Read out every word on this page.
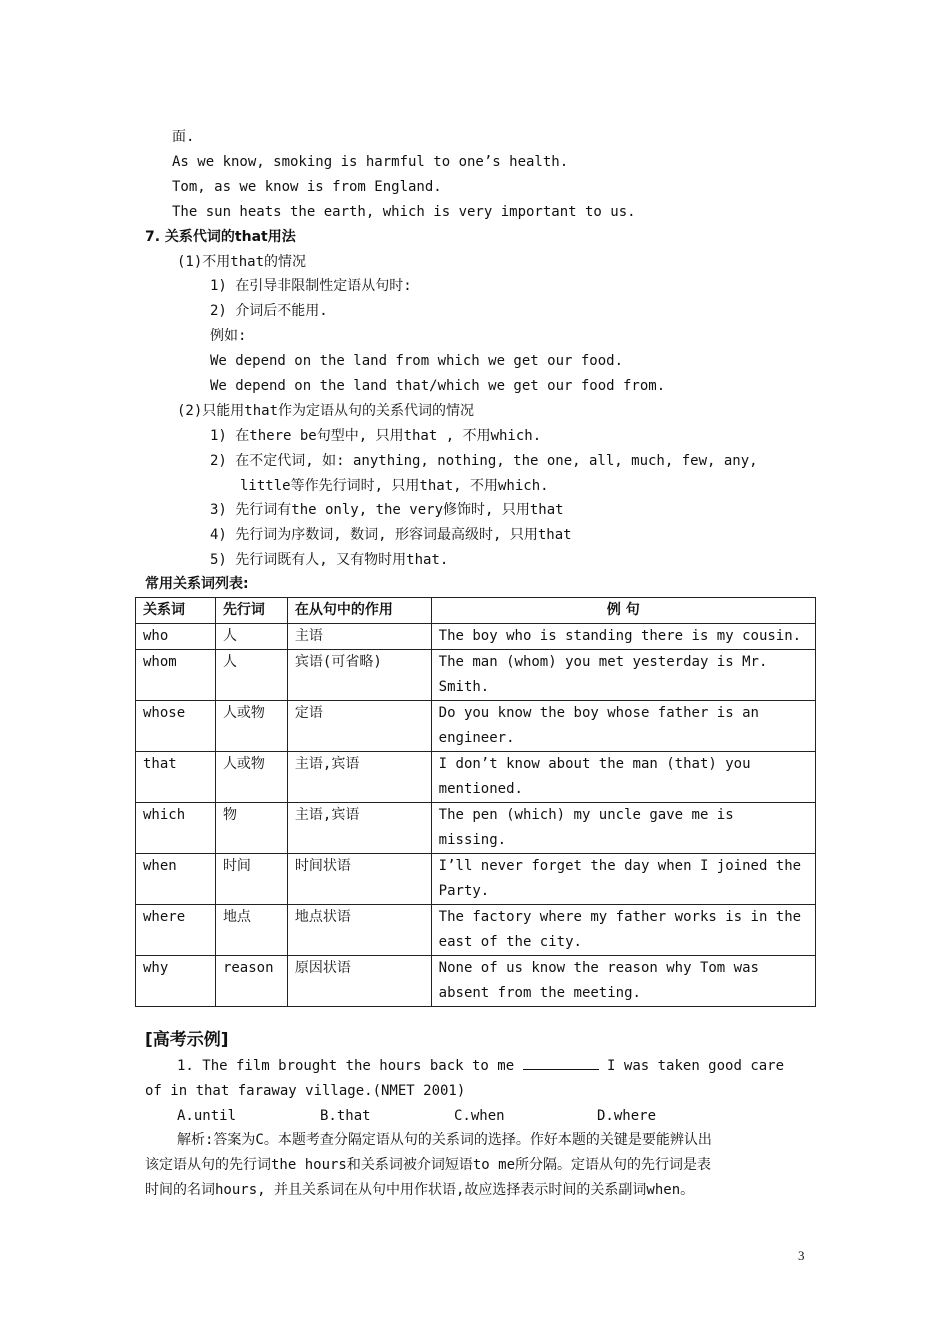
面.
As we know, smoking is harmful to one’s health.
Tom, as we know is from England.
The sun heats the earth, which is very important to us.
7. 关系代词的that用法
(1)不用that的情况
1) 在引导非限制性定语从句时:
2) 介词后不能用.
例如:
We depend on the land from which we get our food.
We depend on the land that/which we get our food from.
(2)只能用that作为定语从句的关系代词的情况
1) 在there be句型中, 只用that , 不用which.
2) 在不定代词, 如: anything, nothing, the one, all, much, few, any,
little等作先行词时, 只用that, 不用which.
3) 先行词有the only, the very修饰时, 只用that
4) 先行词为序数词, 数词, 形容词最高级时, 只用that
5) 先行词既有人, 又有物时用that.
常用关系词列表:
关系词	先行词	在从句中的作用	例 句
who	人	主语	The boy who is standing there is my cousin.
whom	人	宾语(可省略)	The man (whom) you met yesterday is Mr. Smith.
whose	人或物	定语	Do you know the boy whose father is an engineer.
that	人或物	主语,宾语	I don’t know about the man (that) you mentioned.
which	物	主语,宾语	The pen (which) my uncle gave me is missing.
when	时间	时间状语	I’ll never forget the day when I joined the Party.
where	地点	地点状语	The factory where my father works is in the east of the city.
why	reason	原因状语	None of us know the reason why Tom was absent from the meeting.
[高考示例]
1. The film brought the hours back to me	I was taken good care
of in that faraway village.(NMET 2001)
A.until	B.that	C.when	D.where
解析:答案为C。本题考查分隔定语从句的关系词的选择。作好本题的关键是要能辨认出
该定语从句的先行词the hours和关系词被介词短语to me所分隔。定语从句的先行词是表
时间的名词hours, 并且关系词在从句中用作状语,故应选择表示时间的关系副词when。
3
